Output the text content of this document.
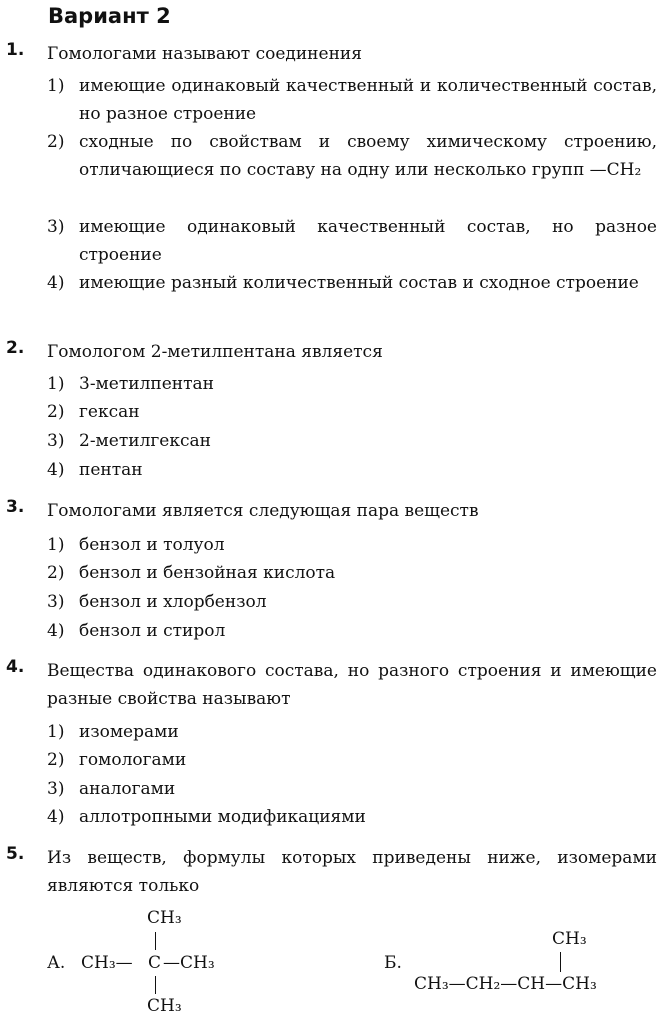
Вариант 2
1. Гомологами называют соединения
1) имеющие одинаковый качественный и количественный состав, но разное строение
2) сходные по свойствам и своему химическому строению, отличающиеся по составу на одну или несколько групп —CH₂
3) имеющие одинаковый качественный состав, но разное строение
4) имеющие разный количественный состав и сходное строение
2. Гомологом 2-метилпентана является
1) 3-метилпентан
2) гексан
3) 2-метилгексан
4) пентан
3. Гомологами является следующая пара веществ
1) бензол и толуол
2) бензол и бензойная кислота
3) бензол и хлорбензол
4) бензол и стирол
4. Вещества одинакового состава, но разного строения и имеющие разные свойства называют
1) изомерами
2) гомологами
3) аналогами
4) аллотропными модификациями
5. Из веществ, формулы которых приведены ниже, изомерами являются только
А.
CH₃
CH₃— C —CH₃
CH₃
Б.
CH₃
CH₃—CH₂—CH—CH₃
